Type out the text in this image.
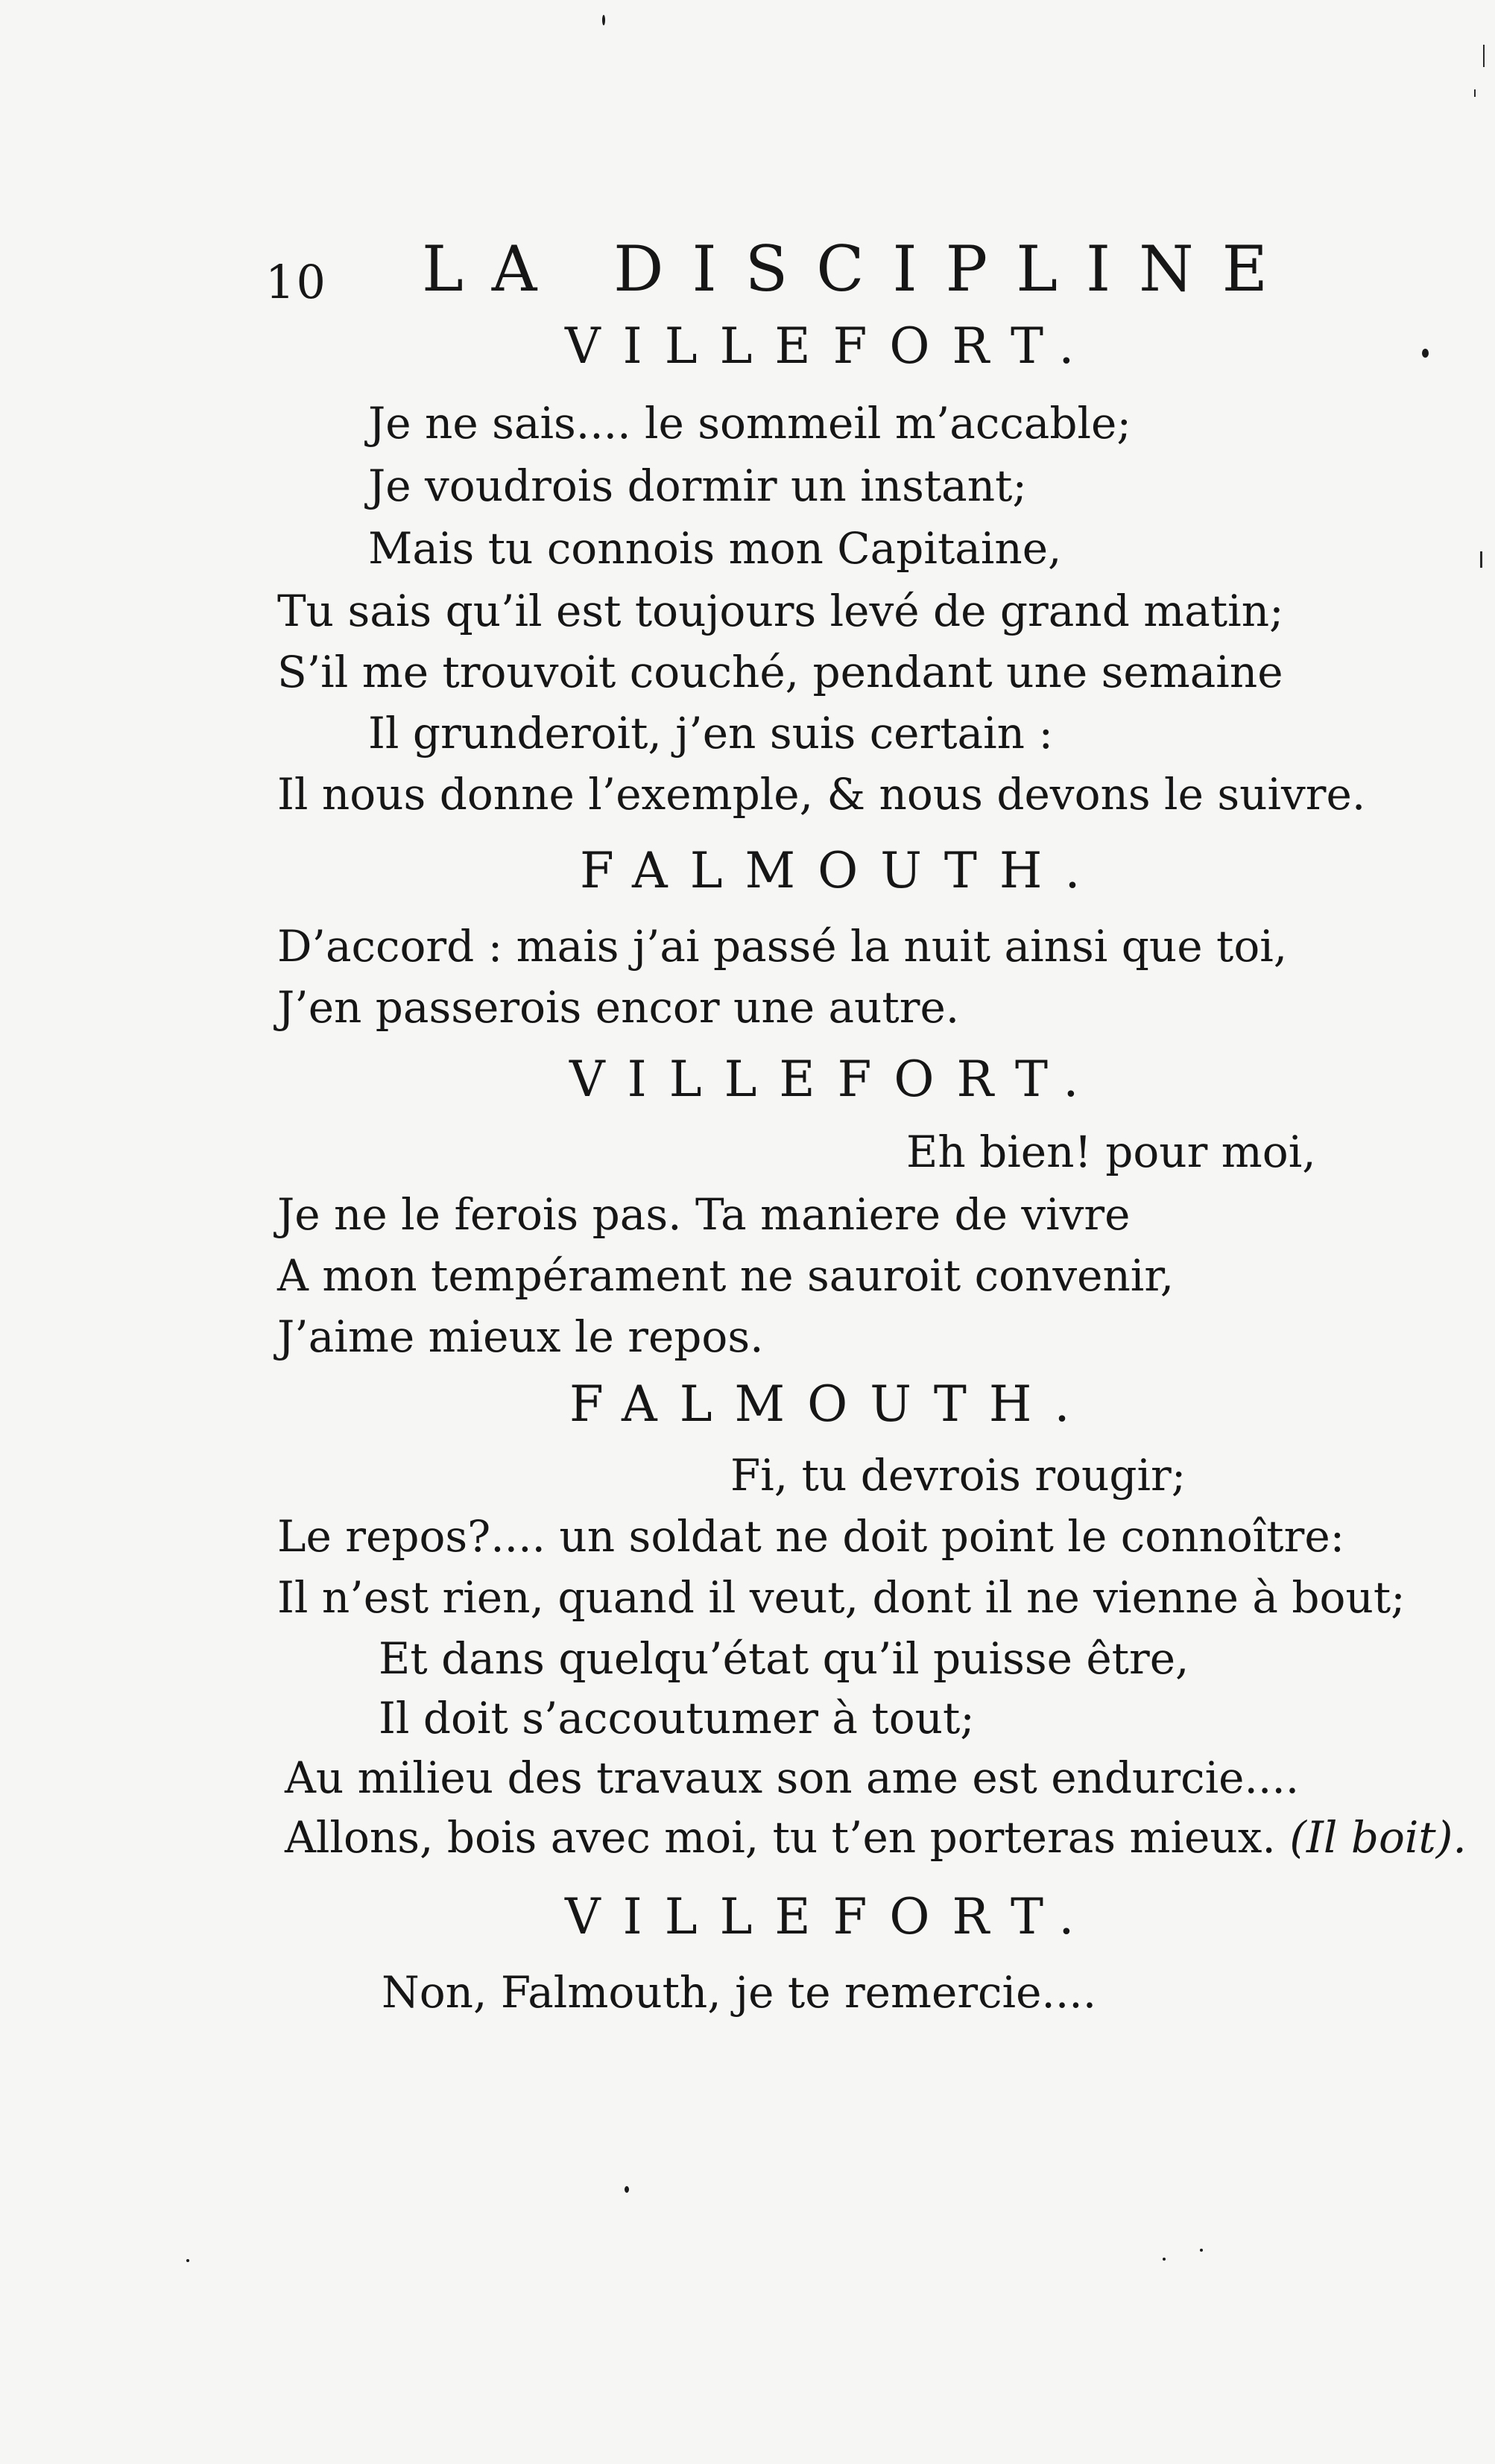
10 LA DISCIPLINE
VILLEFORT.
Je ne sais.... le sommeil m’accable;
Je voudrois dormir un instant;
Mais tu connois mon Capitaine,
Tu sais qu’il est toujours levé de grand matin;
S’il me trouvoit couché, pendant une semaine
Il grunderoit, j’en suis certain :
Il nous donne l’exemple, & nous devons le suivre.
FALMOUTH.
D’accord : mais j’ai passé la nuit ainsi que toi,
J’en passerois encor une autre.
VILLEFORT.
Eh bien! pour moi,
Je ne le ferois pas. Ta maniere de vivre
A mon tempérament ne sauroit convenir,
J’aime mieux le repos.
FALMOUTH.
Fi, tu devrois rougir;
Le repos?.... un soldat ne doit point le connoître:
Il n’est rien, quand il veut, dont il ne vienne à bout;
Et dans quelqu’état qu’il puisse être,
Il doit s’accoutumer à tout;
Au milieu des travaux son ame est endurcie....
Allons, bois avec moi, tu t’en porteras mieux. (Il boit).
VILLEFORT.
Non, Falmouth, je te remercie....
